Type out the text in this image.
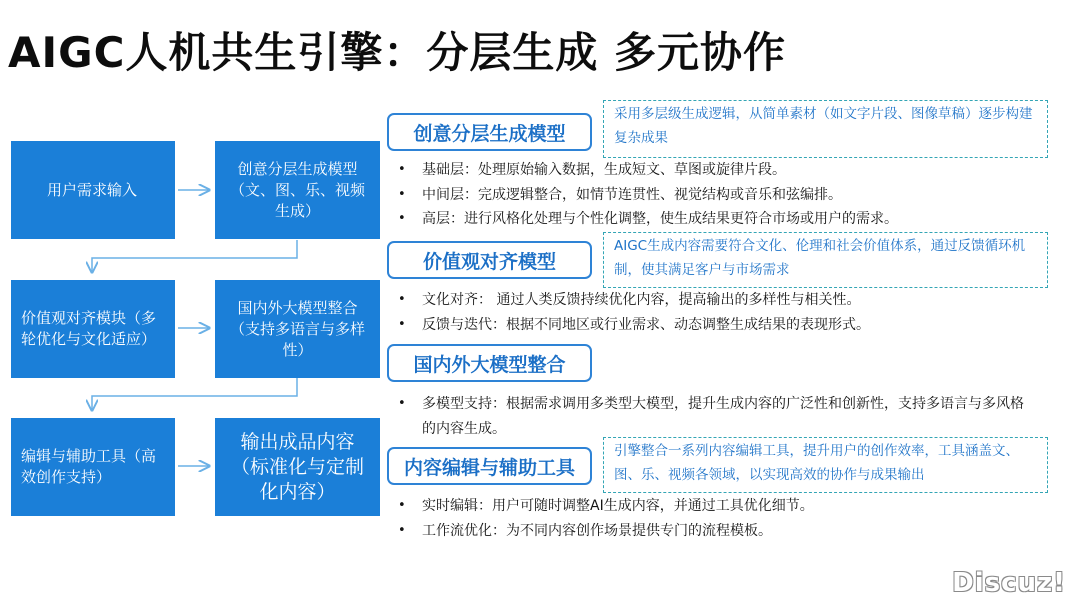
AIGC人机共生引擎：分层生成 多元协作
用户需求输入
价值观对齐模块（多轮优化与文化适应）
编辑与辅助工具（高效创作支持）
创意分层生成模型（文、图、乐、视频生成）
国内外大模型整合（支持多语言与多样性）
输出成品内容（标准化与定制化内容）
创意分层生成模型
采用多层级生成逻辑，从简单素材（如文字片段、图像草稿）逐步构建复杂成果
• 基础层：处理原始输入数据，生成短文、草图或旋律片段。
• 中间层：完成逻辑整合，如情节连贯性、视觉结构或音乐和弦编排。
• 高层：进行风格化处理与个性化调整，使生成结果更符合市场或用户的需求。
价值观对齐模型
AIGC生成内容需要符合文化、伦理和社会价值体系，通过反馈循环机制，使其满足客户与市场需求
• 文化对齐： 通过人类反馈持续优化内容，提高输出的多样性与相关性。
• 反馈与迭代：根据不同地区或行业需求、动态调整生成结果的表现形式。
国内外大模型整合
• 多模型支持：根据需求调用多类型大模型，提升生成内容的广泛性和创新性，支持多语言与多风格的内容生成。
内容编辑与辅助工具
引擎整合一系列内容编辑工具，提升用户的创作效率，工具涵盖文、图、乐、视频各领域，以实现高效的协作与成果输出
• 实时编辑：用户可随时调整AI生成内容，并通过工具优化细节。
• 工作流优化：为不同内容创作场景提供专门的流程模板。
Discuz!
